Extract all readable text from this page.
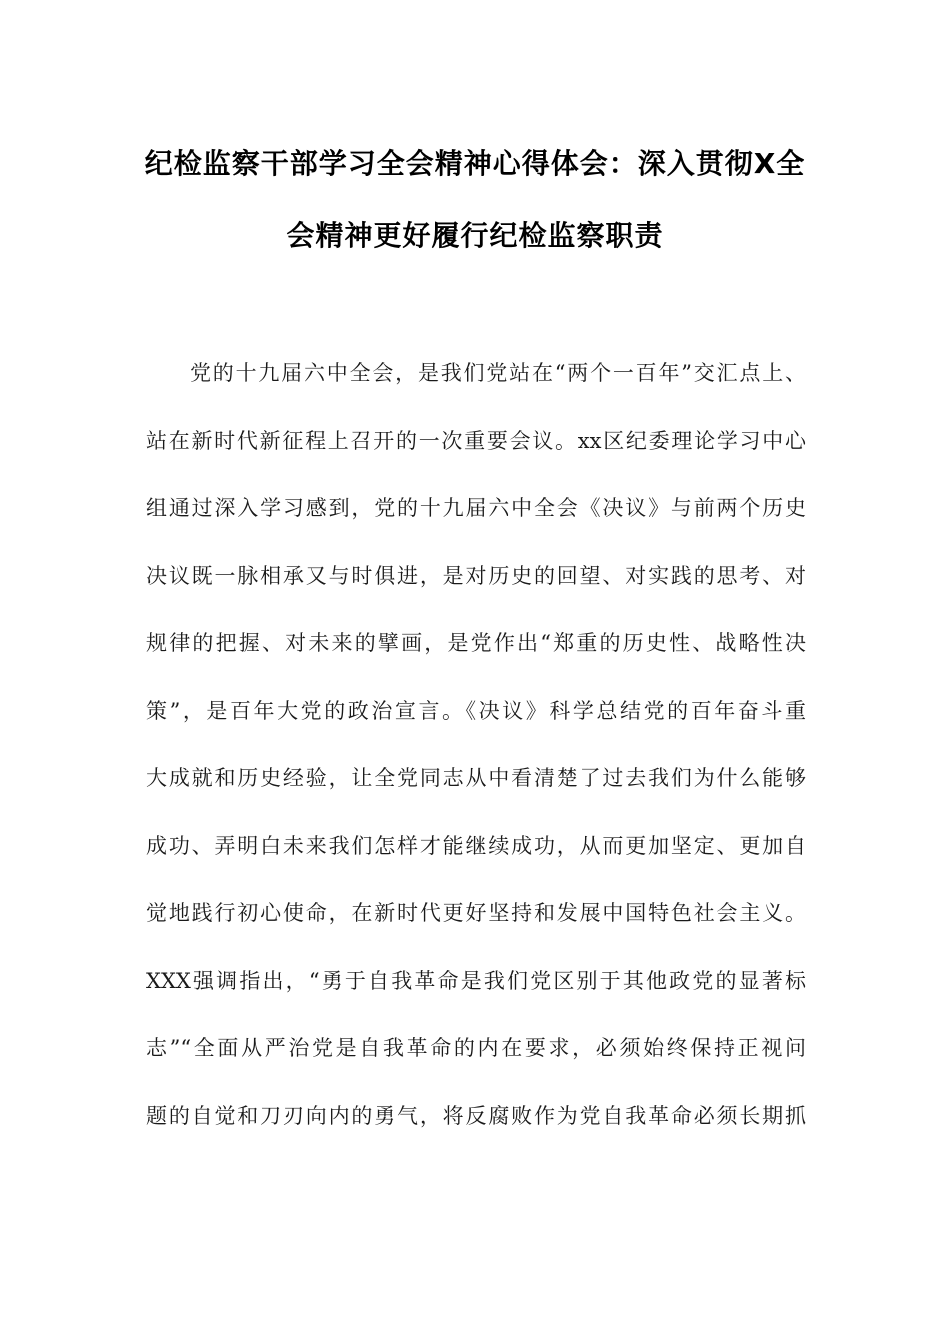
纪检监察干部学习全会精神心得体会：深入贯彻X全
会精神更好履行纪检监察职责
党的十九届六中全会，是我们党站在“两个一百年”交汇点上、
站在新时代新征程上召开的一次重要会议。xx区纪委理论学习中心
组通过深入学习感到，党的十九届六中全会《决议》与前两个历史
决议既一脉相承又与时俱进，是对历史的回望、对实践的思考、对
规律的把握、对未来的擘画，是党作出“郑重的历史性、战略性决
策”，是百年大党的政治宣言。《决议》科学总结党的百年奋斗重
大成就和历史经验，让全党同志从中看清楚了过去我们为什么能够
成功、弄明白未来我们怎样才能继续成功，从而更加坚定、更加自
觉地践行初心使命，在新时代更好坚持和发展中国特色社会主义。
XXX强调指出，“勇于自我革命是我们党区别于其他政党的显著标
志”“全面从严治党是自我革命的内在要求，必须始终保持正视问
题的自觉和刀刃向内的勇气，将反腐败作为党自我革命必须长期抓
